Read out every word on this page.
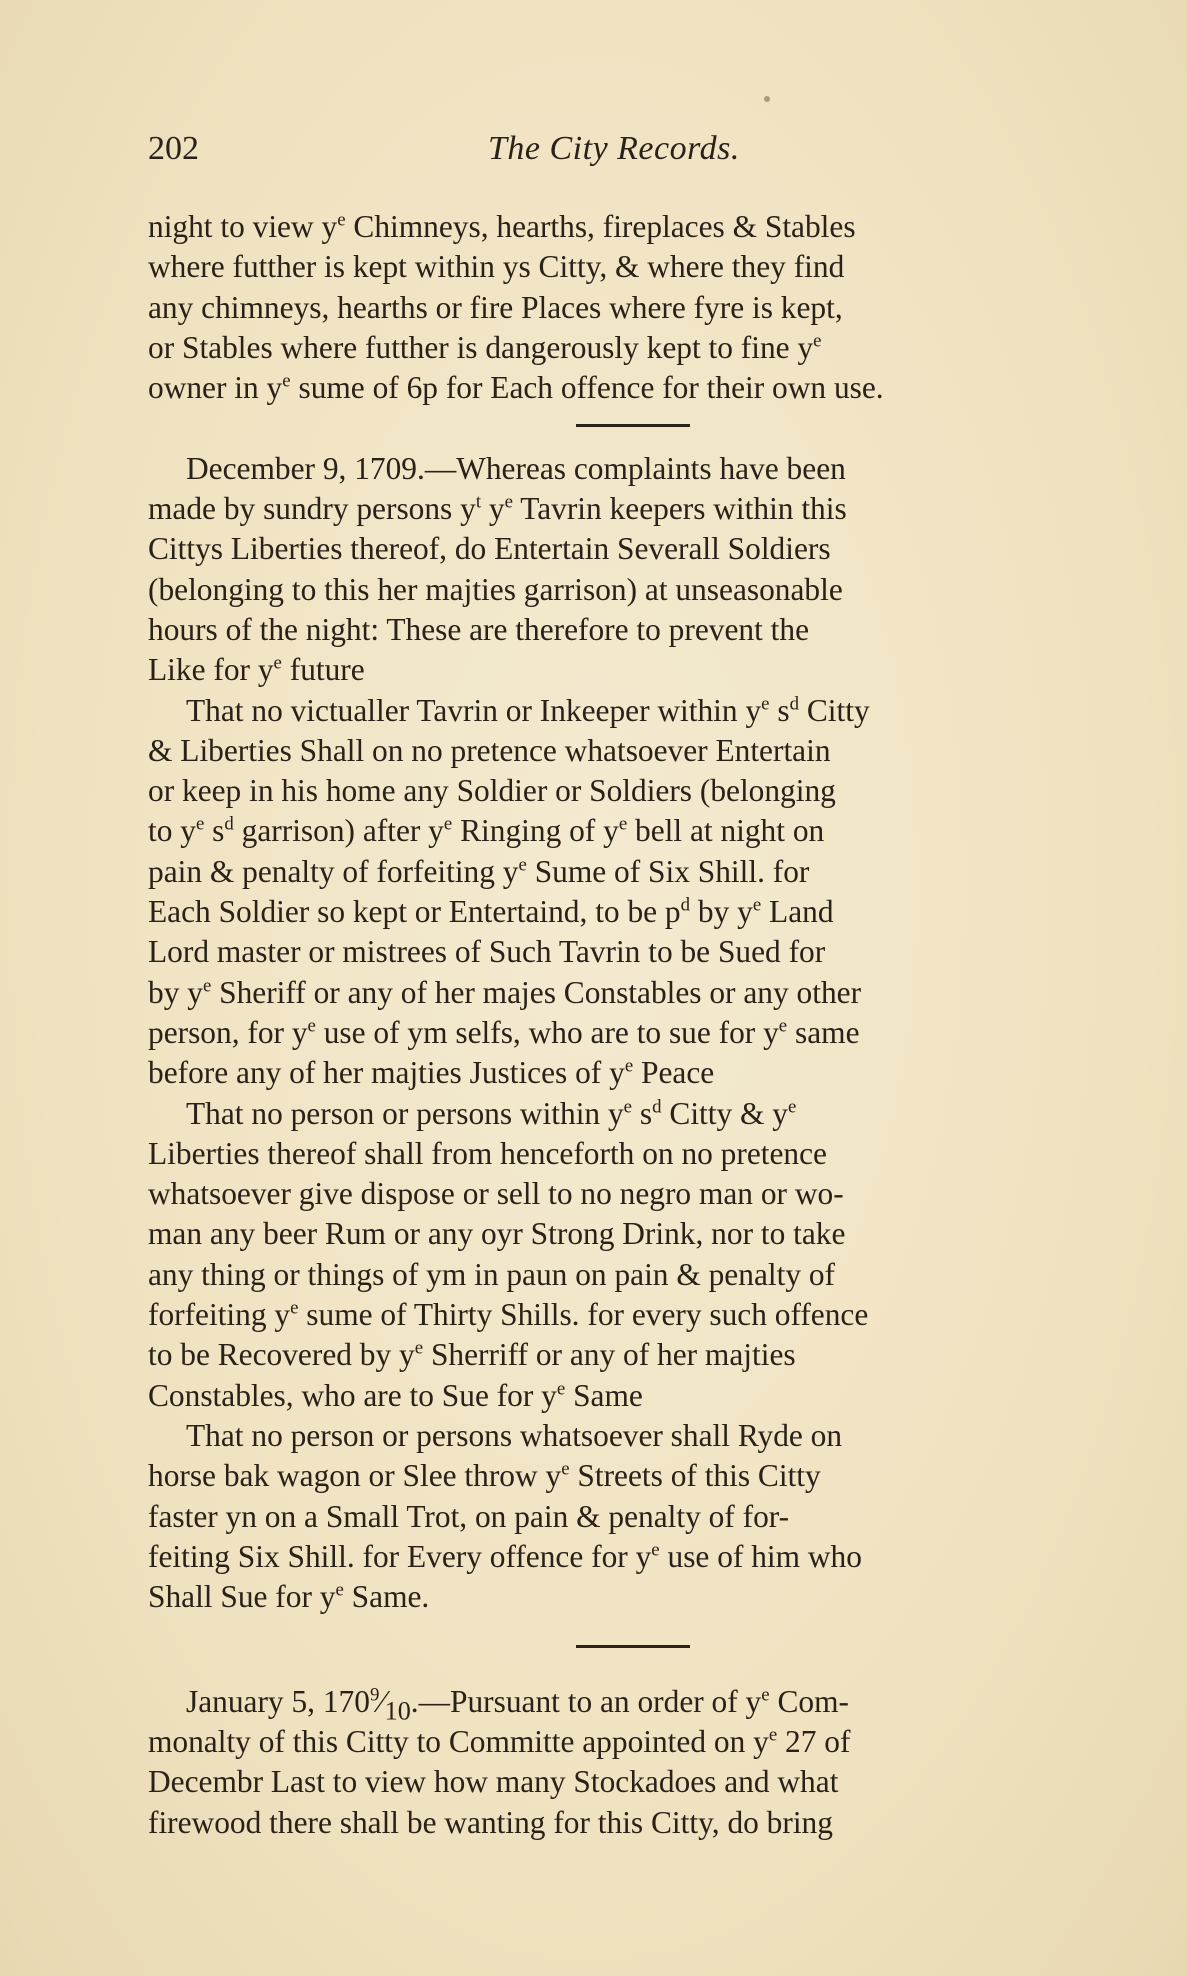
202	The City Records.
night to view $y^e$ Chimneys, hearths, fireplaces & Stables
where futther is kept within ys Citty, & where they find
any chimneys, hearths or fire Places where fyre is kept,
or Stables where futther is dangerously kept to fine $y^e$
owner in $y^e$ sume of 6p for Each offence for their own use.
December 9, 1709.—Whereas complaints have been
made by sundry persons $y^t$ $y^e$ Tavrin keepers within this
Cittys Liberties thereof, do Entertain Severall Soldiers
(belonging to this her majties garrison) at unseasonable
hours of the night: These are therefore to prevent the
Like for $y^e$ future
That no victualler Tavrin or Inkeeper within $y^e$ $s^d$ Citty
& Liberties Shall on no pretence whatsoever Entertain
or keep in his home any Soldier or Soldiers (belonging
to $y^e$ $s^d$ garrison) after $y^e$ Ringing of $y^e$ bell at night on
pain & penalty of forfeiting $y^e$ Sume of Six Shill. for
Each Soldier so kept or Entertaind, to be $p^d$ by $y^e$ Land
Lord master or mistrees of Such Tavrin to be Sued for
by $y^e$ Sheriff or any of her majes Constables or any other
person, for $y^e$ use of ym selfs, who are to sue for $y^e$ same
before any of her majties Justices of $y^e$ Peace
That no person or persons within $y^e$ $s^d$ Citty & $y^e$
Liberties thereof shall from henceforth on no pretence
whatsoever give dispose or sell to no negro man or wo-
man any beer Rum or any oyr Strong Drink, nor to take
any thing or things of ym in paun on pain & penalty of
forfeiting $y^e$ sume of Thirty Shills. for every such offence
to be Recovered by $y^e$ Sherriff or any of her majties
Constables, who are to Sue for $y^e$ Same
That no person or persons whatsoever shall Ryde on
horse bak wagon or Slee throw $y^e$ Streets of this Citty
faster yn on a Small Trot, on pain & penalty of for-
feiting Six Shill. for Every offence for $y^e$ use of him who
Shall Sue for $y^e$ Same.
January 5, $170^9⁄_{10}.—Pursuant$ to an order of $y^e$ Com-
monalty of this Citty to Committe appointed on $y^e$ 27 of
Decembr Last to view how many Stockadoes and what
firewood there shall be wanting for this Citty, do bring
